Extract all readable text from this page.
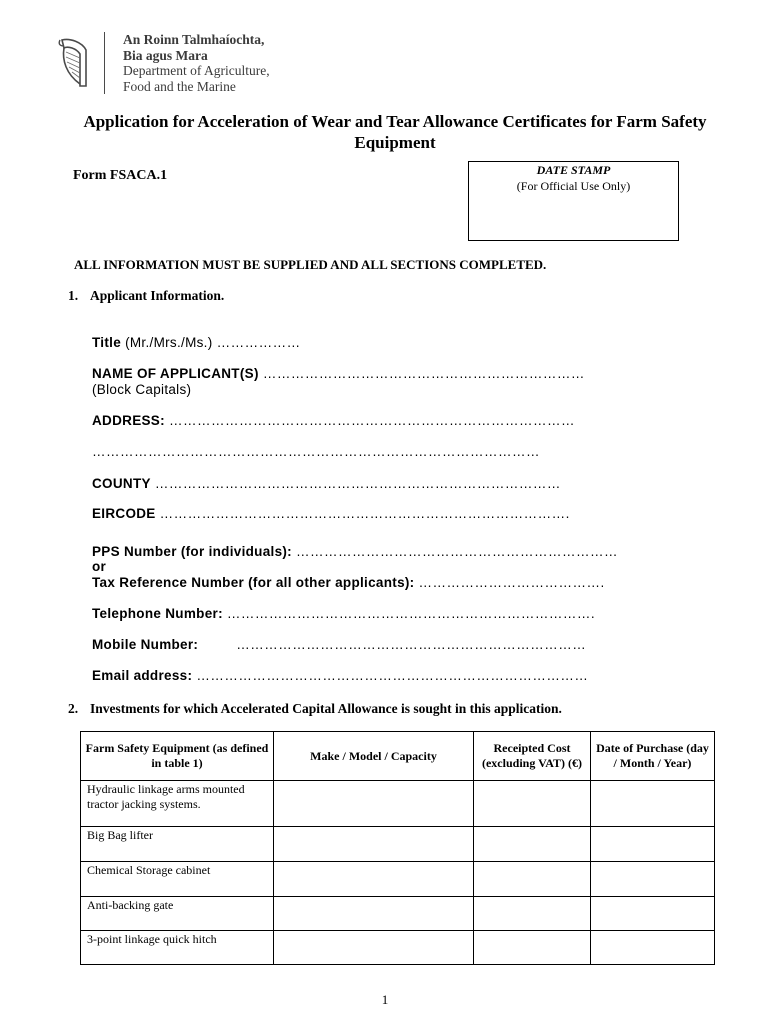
An Roinn Talmhaíochta,
Bia agus Mara
Department of Agriculture,
Food and the Marine
Application for Acceleration of Wear and Tear Allowance Certificates for Farm Safety Equipment
Form FSACA.1	DATE STAMP
(For Official Use Only)
ALL INFORMATION MUST BE SUPPLIED AND ALL SECTIONS COMPLETED.
1. Applicant Information.
Title (Mr./Mrs./Ms.) ………………
NAME OF APPLICANT(S) ……………………………………………………………
(Block Capitals)
ADDRESS: ……………………………………………………………………………
……………………………………………………………………………………
COUNTY ……………………………………………………………………………
EIRCODE …………………………………………………………………………….
PPS Number (for individuals): ……………………………………………………………
or
Tax Reference Number (for all other applicants): ………………………………….
Telephone Number: …………………………………………………………………….
Mobile Number:	…………………………………………………………………
Email address: …………………………………………………………………………
2. Investments for which Accelerated Capital Allowance is sought in this application.
Farm Safety Equipment (as defined in table 1)	Make / Model / Capacity	Receipted Cost (excluding VAT) (€)	Date of Purchase (day / Month / Year)
Hydraulic linkage arms mounted tractor jacking systems.			
Big Bag lifter			
Chemical Storage cabinet			
Anti-backing gate			
3-point linkage quick hitch			
1
